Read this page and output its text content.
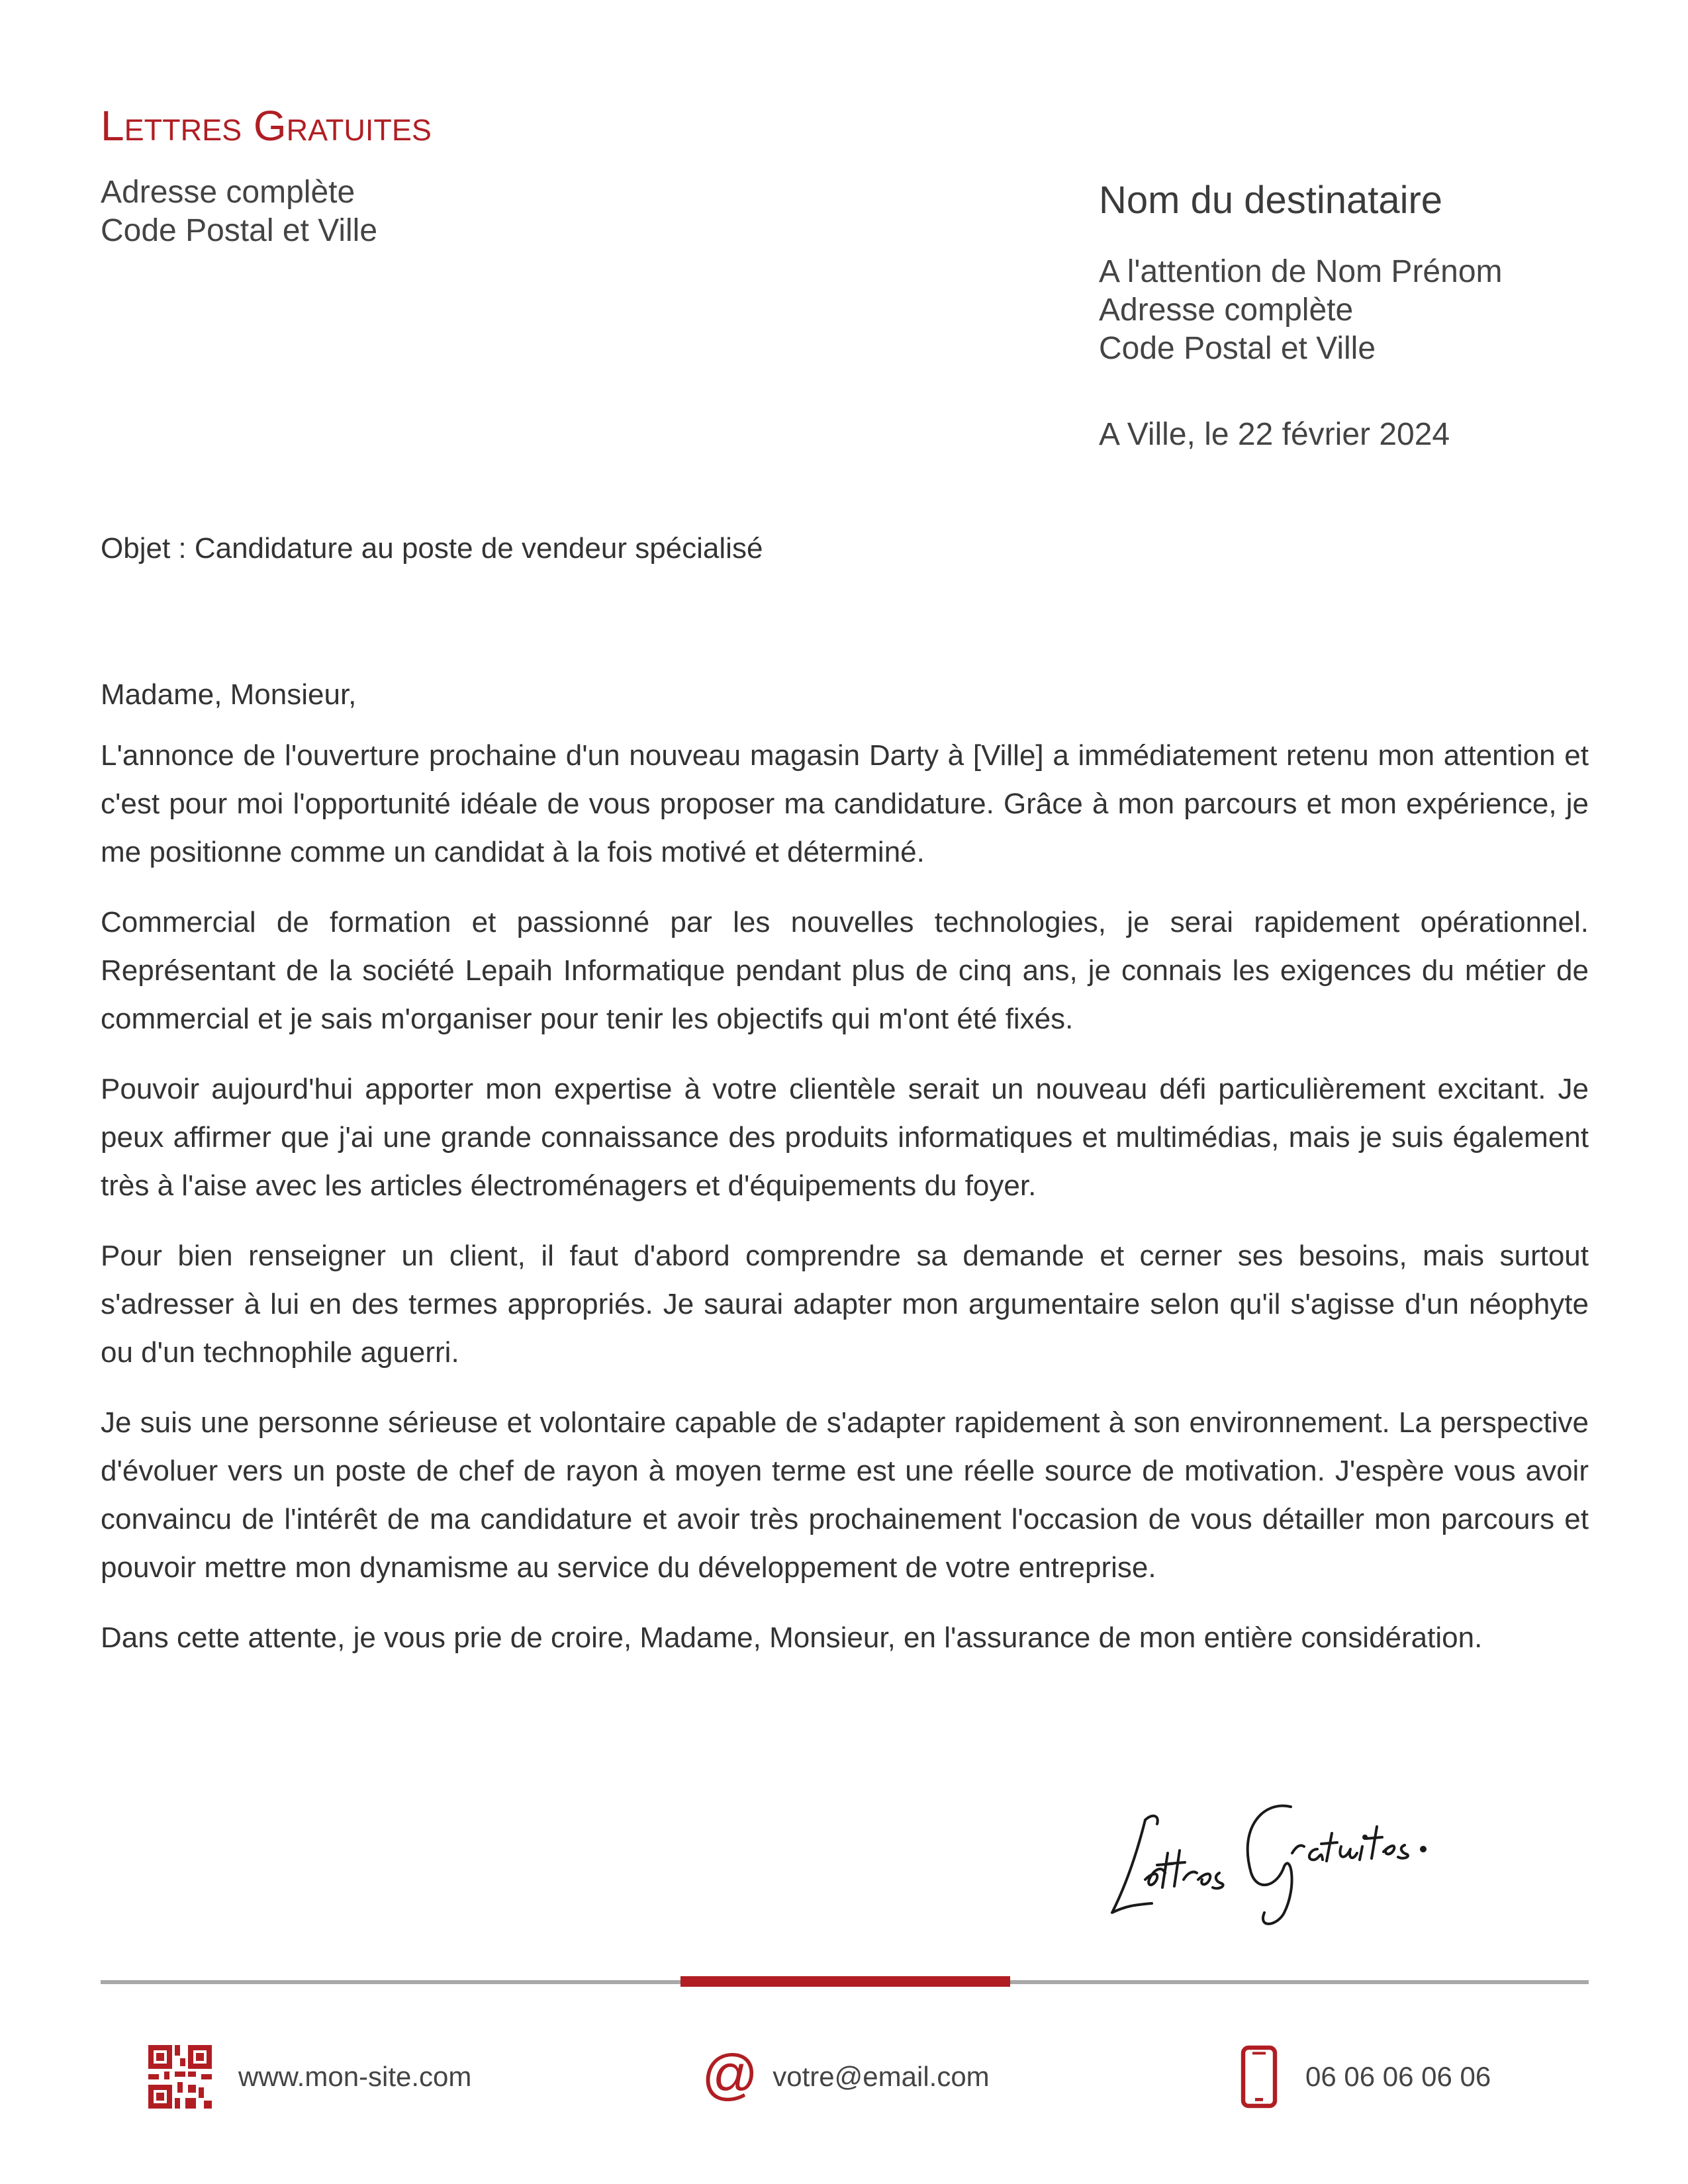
Lettres Gratuites
Adresse complète
Code Postal et Ville
Nom du destinataire
A l'attention de Nom Prénom
Adresse complète
Code Postal et Ville
A Ville, le 22 février 2024
Objet : Candidature au poste de vendeur spécialisé
Madame, Monsieur,

L'annonce de l'ouverture prochaine d'un nouveau magasin Darty à [Ville] a immédiatement retenu mon attention et c'est pour moi l'opportunité idéale de vous proposer ma candidature. Grâce à mon parcours et mon expérience, je me positionne comme un candidat à la fois motivé et déterminé.

Commercial de formation et passionné par les nouvelles technologies, je serai rapidement opérationnel. Représentant de la société Lepaih Informatique pendant plus de cinq ans, je connais les exigences du métier de commercial et je sais m'organiser pour tenir les objectifs qui m'ont été fixés.

Pouvoir aujourd'hui apporter mon expertise à votre clientèle serait un nouveau défi particulièrement excitant. Je peux affirmer que j'ai une grande connaissance des produits informatiques et multimédias, mais je suis également très à l'aise avec les articles électroménagers et d'équipements du foyer.

Pour bien renseigner un client, il faut d'abord comprendre sa demande et cerner ses besoins, mais surtout s'adresser à lui en des termes appropriés. Je saurai adapter mon argumentaire selon qu'il s'agisse d'un néophyte ou d'un technophile aguerri.

Je suis une personne sérieuse et volontaire capable de s'adapter rapidement à son environnement. La perspective d'évoluer vers un poste de chef de rayon à moyen terme est une réelle source de motivation. J'espère vous avoir convaincu de l'intérêt de ma candidature et avoir très prochainement l'occasion de vous détailler mon parcours et pouvoir mettre mon dynamisme au service du développement de votre entreprise.

Dans cette attente, je vous prie de croire, Madame, Monsieur, en l'assurance de mon entière considération.

www.mon-site.com	@ votre@email.com	06 06 06 06 06
